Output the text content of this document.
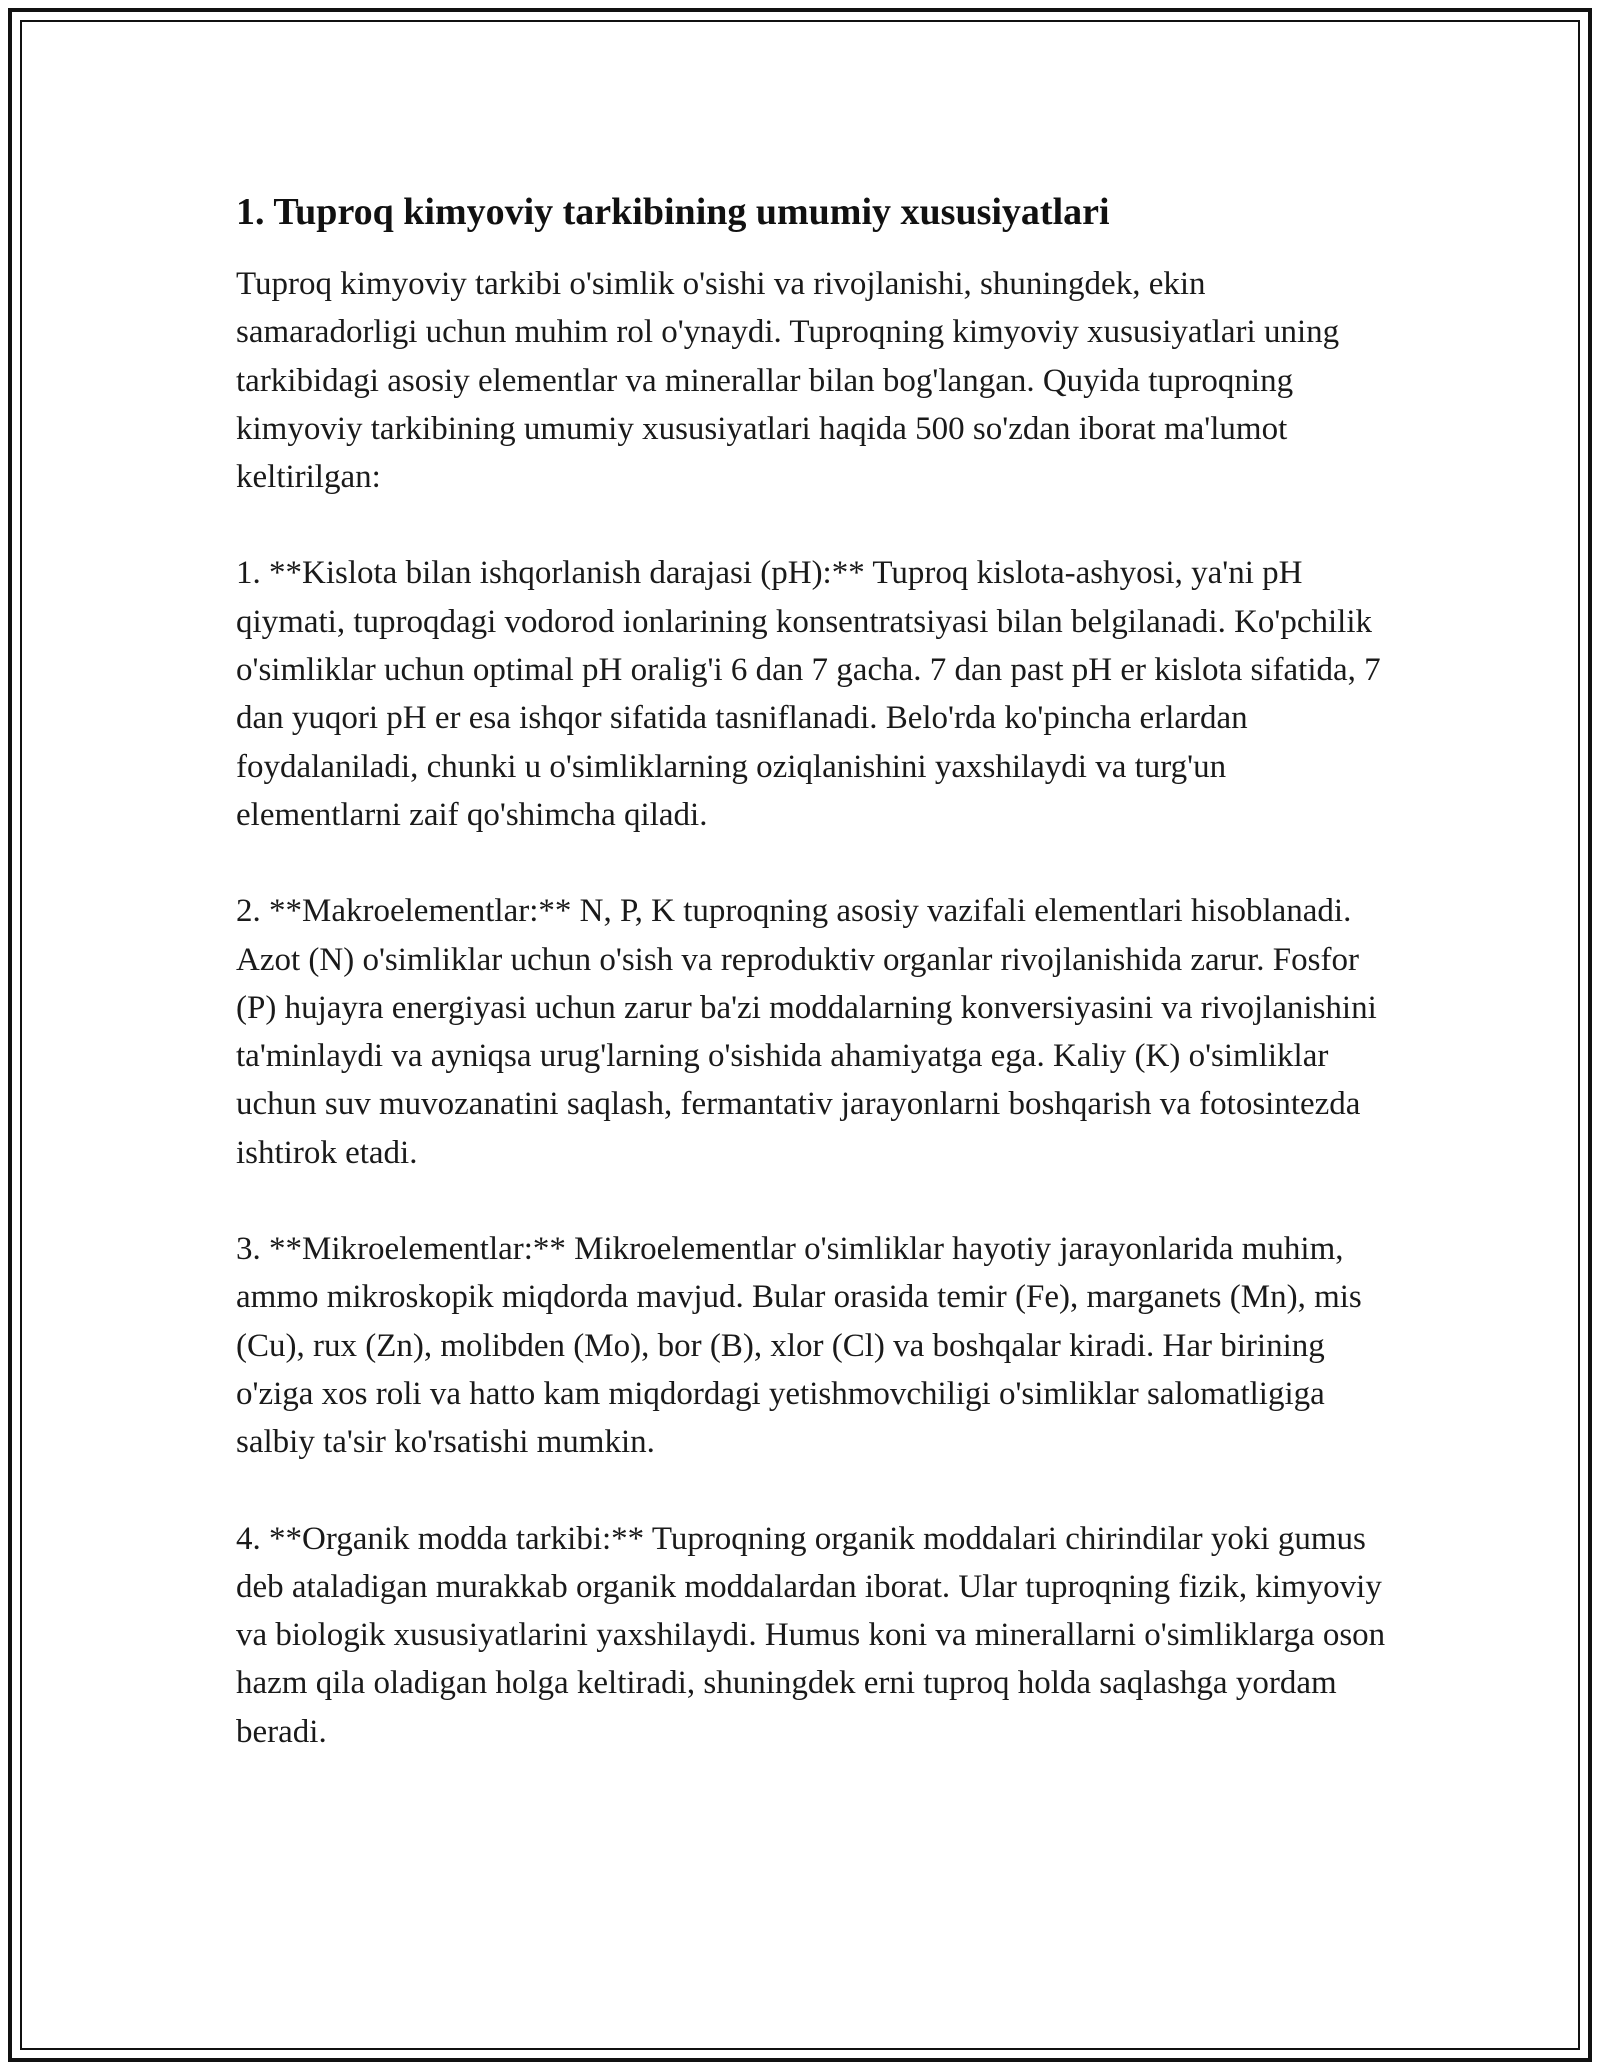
1. Tuproq kimyoviy tarkibining umumiy xususiyatlari

Tuproq kimyoviy tarkibi o'simlik o'sishi va rivojlanishi, shuningdek, ekin samaradorligi uchun muhim rol o'ynaydi. Tuproqning kimyoviy xususiyatlari uning tarkibidagi asosiy elementlar va minerallar bilan bog'langan. Quyida tuproqning kimyoviy tarkibining umumiy xususiyatlari haqida 500 so'zdan iborat ma'lumot keltirilgan:

1. **Kislota bilan ishqorlanish darajasi (pH):** Tuproq kislota-ashyosi, ya'ni pH qiymati, tuproqdagi vodorod ionlarining konsentratsiyasi bilan belgilanadi. Ko'pchilik o'simliklar uchun optimal pH oralig'i 6 dan 7 gacha. 7 dan past pH er kislota sifatida, 7 dan yuqori pH er esa ishqor sifatida tasniflanadi. Belo'rda ko'pincha erlardan foydalaniladi, chunki u o'simliklarning oziqlanishini yaxshilaydi va turg'un elementlarni zaif qo'shimcha qiladi.

2. **Makroelementlar:** N, P, K tuproqning asosiy vazifali elementlari hisoblanadi. Azot (N) o'simliklar uchun o'sish va reproduktiv organlar rivojlanishida zarur. Fosfor (P) hujayra energiyasi uchun zarur ba'zi moddalarning konversiyasini va rivojlanishini ta'minlaydi va ayniqsa urug'larning o'sishida ahamiyatga ega. Kaliy (K) o'simliklar uchun suv muvozanatini saqlash, fermantativ jarayonlarni boshqarish va fotosintezda ishtirok etadi.

3. **Mikroelementlar:** Mikroelementlar o'simliklar hayotiy jarayonlarida muhim, ammo mikroskopik miqdorda mavjud. Bular orasida temir (Fe), marganets (Mn), mis (Cu), rux (Zn), molibden (Mo), bor (B), xlor (Cl) va boshqalar kiradi. Har birining o'ziga xos roli va hatto kam miqdordagi yetishmovchiligi o'simliklar salomatligiga salbiy ta'sir ko'rsatishi mumkin.

4. **Organik modda tarkibi:** Tuproqning organik moddalari chirindilar yoki gumus deb ataladigan murakkab organik moddalardan iborat. Ular tuproqning fizik, kimyoviy va biologik xususiyatlarini yaxshilaydi. Humus koni va minerallarni o'simliklarga oson hazm qila oladigan holga keltiradi, shuningdek erni tuproq holda saqlashga yordam beradi.
